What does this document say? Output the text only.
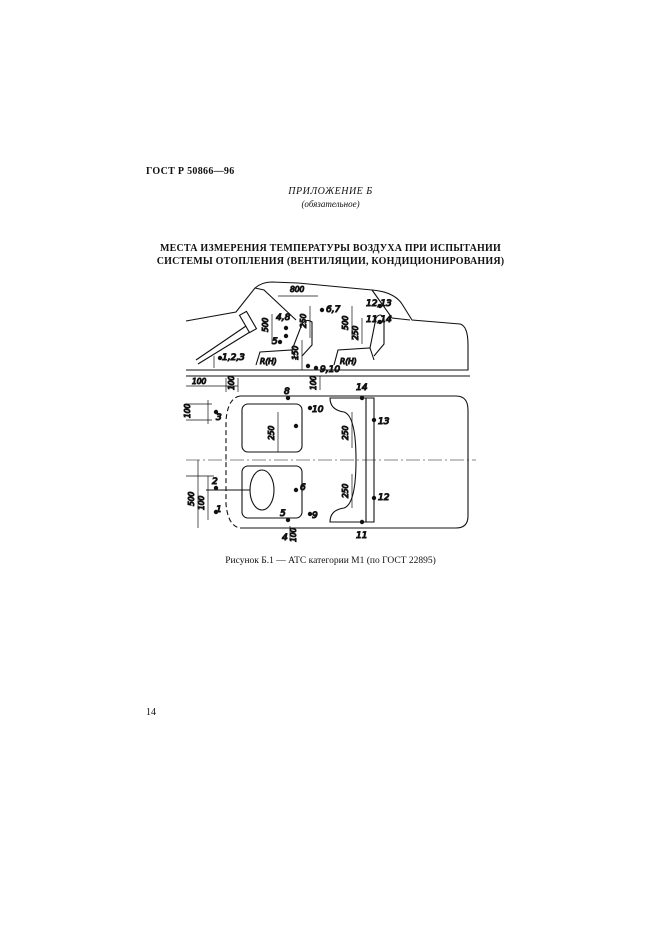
ГОСТ Р 50866—96
ПРИЛОЖЕНИЕ Б
(обязательное)
МЕСТА ИЗМЕРЕНИЯ ТЕМПЕРАТУРЫ ВОЗДУХА ПРИ ИСПЫТАНИИ
СИСТЕМЫ ОТОПЛЕНИЯ (ВЕНТИЛЯЦИИ, КОНДИЦИОНИРОВАНИЯ)
800
500	250
150
100	100	100
500
250
6,7
4,8
5
1,2,3
9,10
12,13
11,14
R(H)	R(H)
100
250	250
100
500
250
100
1
2
3
4
5
6
8
9
10
11
12
13
14
Рисунок Б.1 — АТС категории М1 (по ГОСТ 22895)
14
